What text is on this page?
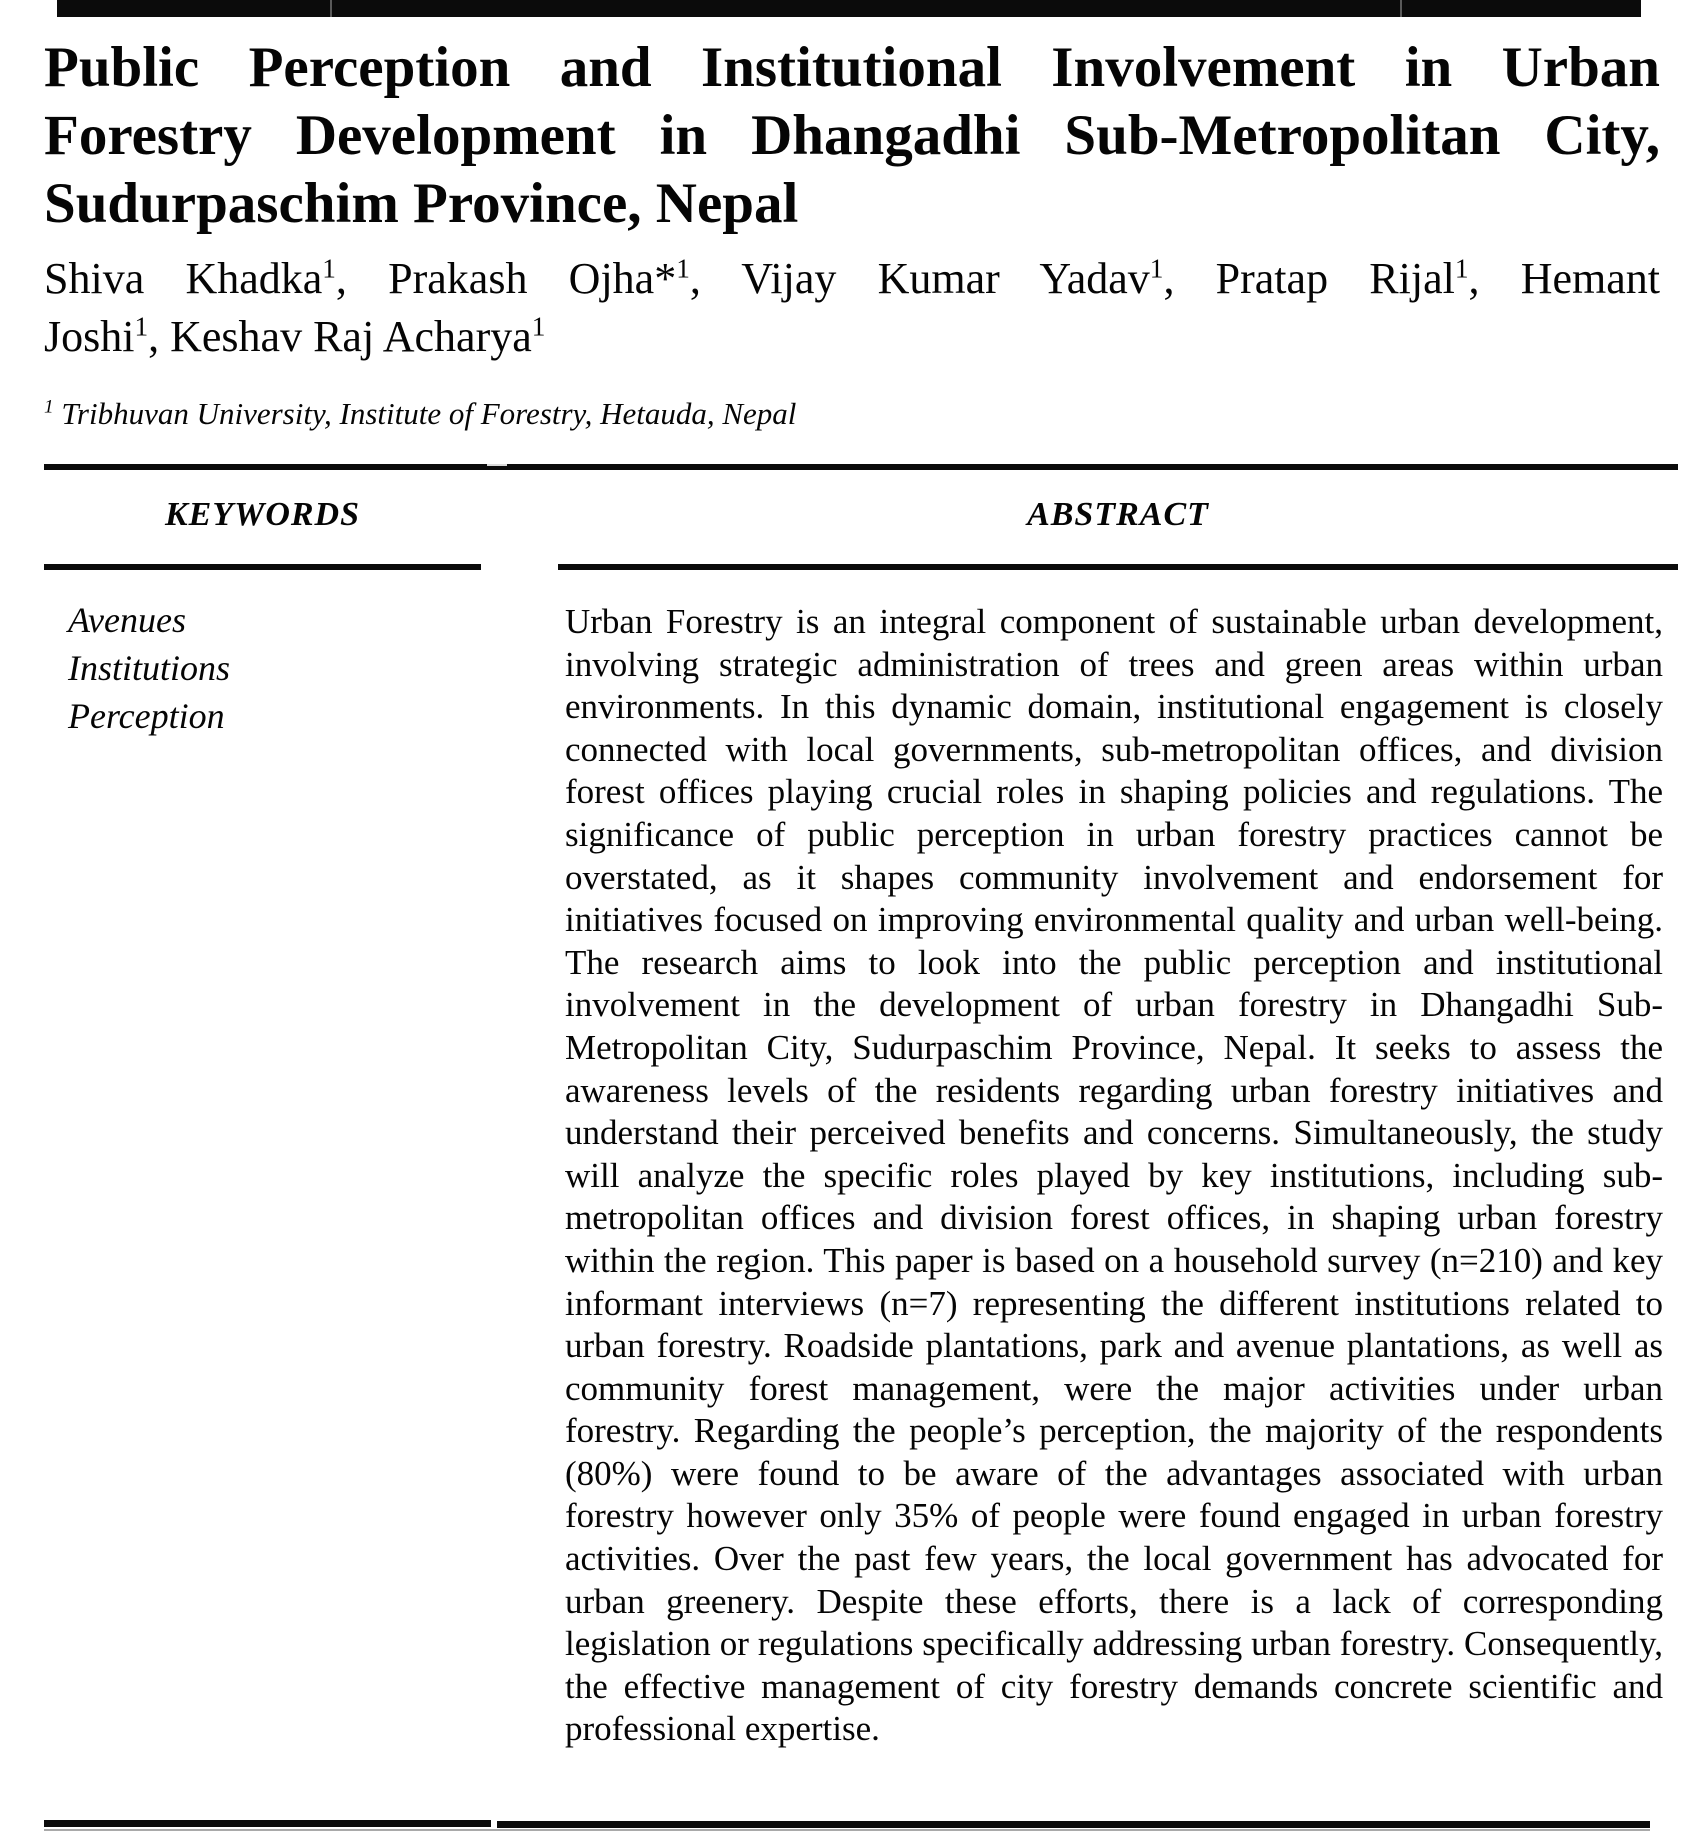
Public Perception and Institutional Involvement in Urban
Forestry Development in Dhangadhi Sub-Metropolitan City,
Sudurpaschim Province, Nepal
Shiva Khadka$^1$, Prakash Ojha*$^1$, Vijay Kumar Yadav$^1$, Pratap Rijal$^1$, Hemant
Joshi$^1$, Keshav Raj Acharya$^1$
$^1$ Tribhuvan University, Institute of Forestry, Hetauda, Nepal
KEYWORDS	ABSTRACT
Avenues
Institutions
Perception
Urban Forestry is an integral component of sustainable urban development, involving strategic administration of trees and green areas within urban environments. In this dynamic domain, institutional engagement is closely connected with local governments, sub-metropolitan offices, and division forest offices playing crucial roles in shaping policies and regulations. The significance of public perception in urban forestry practices cannot be overstated, as it shapes community involvement and endorsement for initiatives focused on improving environmental quality and urban well-being. The research aims to look into the public perception and institutional involvement in the development of urban forestry in Dhangadhi Sub-Metropolitan City, Sudurpaschim Province, Nepal. It seeks to assess the awareness levels of the residents regarding urban forestry initiatives and understand their perceived benefits and concerns. Simultaneously, the study will analyze the specific roles played by key institutions, including sub-metropolitan offices and division forest offices, in shaping urban forestry within the region. This paper is based on a household survey (n=210) and key informant interviews (n=7) representing the different institutions related to urban forestry. Roadside plantations, park and avenue plantations, as well as community forest management, were the major activities under urban forestry. Regarding the people’s perception, the majority of the respondents (80%) were found to be aware of the advantages associated with urban forestry however only 35% of people were found engaged in urban forestry activities. Over the past few years, the local government has advocated for urban greenery. Despite these efforts, there is a lack of corresponding legislation or regulations specifically addressing urban forestry. Consequently, the effective management of city forestry demands concrete scientific and professional expertise.
